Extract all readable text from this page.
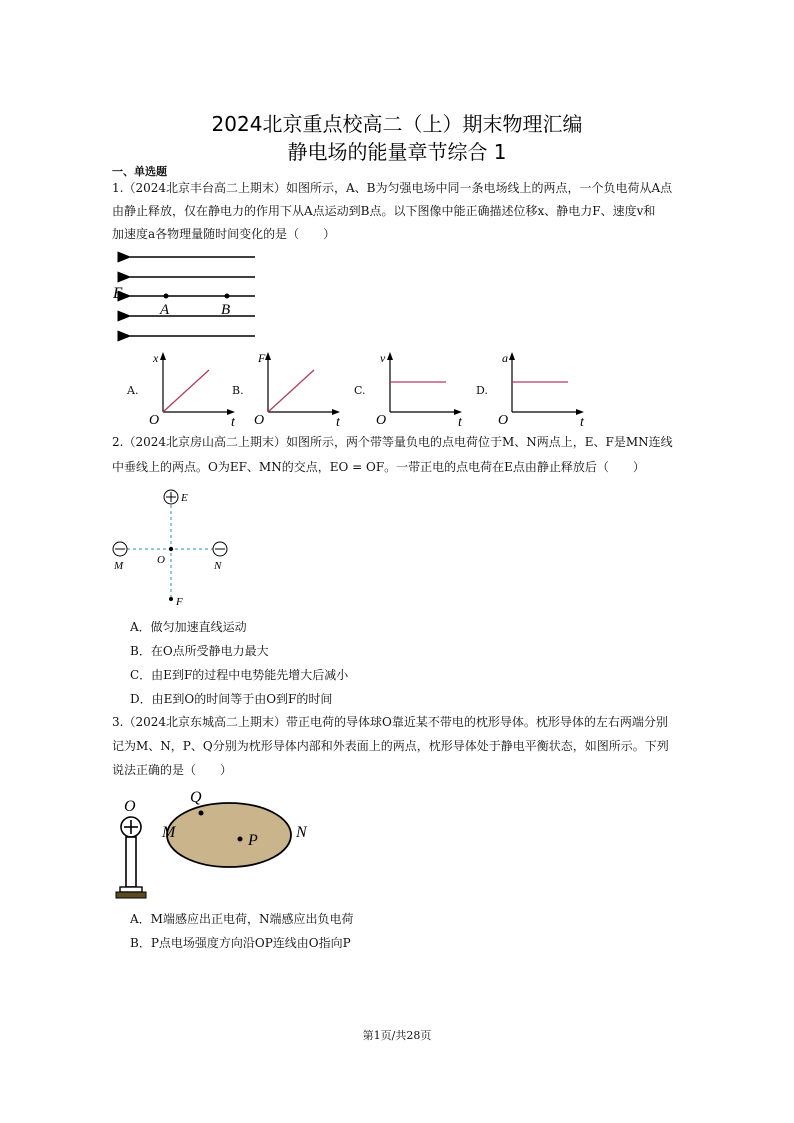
2024北京重点校高二（上）期末物理汇编
静电场的能量章节综合 1
一、单选题
1.（2024北京丰台高二上期末）如图所示，A、B为匀强电场中同一条电场线上的两点，一个负电荷从A点
由静止释放，仅在静电力的作用下从A点运动到B点。以下图像中能正确描述位移x、静电力F、速度v和
加速度a各物理量随时间变化的是（　　）
E
A	B
A.
x
t
O
B.
F
t
O
C.
v
t
O
D.
a
t
O
2.（2024北京房山高二上期末）如图所示，两个带等量负电的点电荷位于M、N两点上，E、F是MN连线
中垂线上的两点。O为EF、MN的交点，EO = OF。一带正电的点电荷在E点由静止释放后（　　）
E
F
M	N
O
A．做匀加速直线运动
B．在O点所受静电力最大
C．由E到F的过程中电势能先增大后减小
D．由E到O的时间等于由O到F的时间
3.（2024北京东城高二上期末）带正电荷的导体球O靠近某不带电的枕形导体。枕形导体的左右两端分别
记为M、N，P、Q分别为枕形导体内部和外表面上的两点，枕形导体处于静电平衡状态，如图所示。下列
说法正确的是（　　）
O
Q
M	P N
A．M端感应出正电荷，N端感应出负电荷
B．P点电场强度方向沿OP连线由O指向P
第1页/共28页
